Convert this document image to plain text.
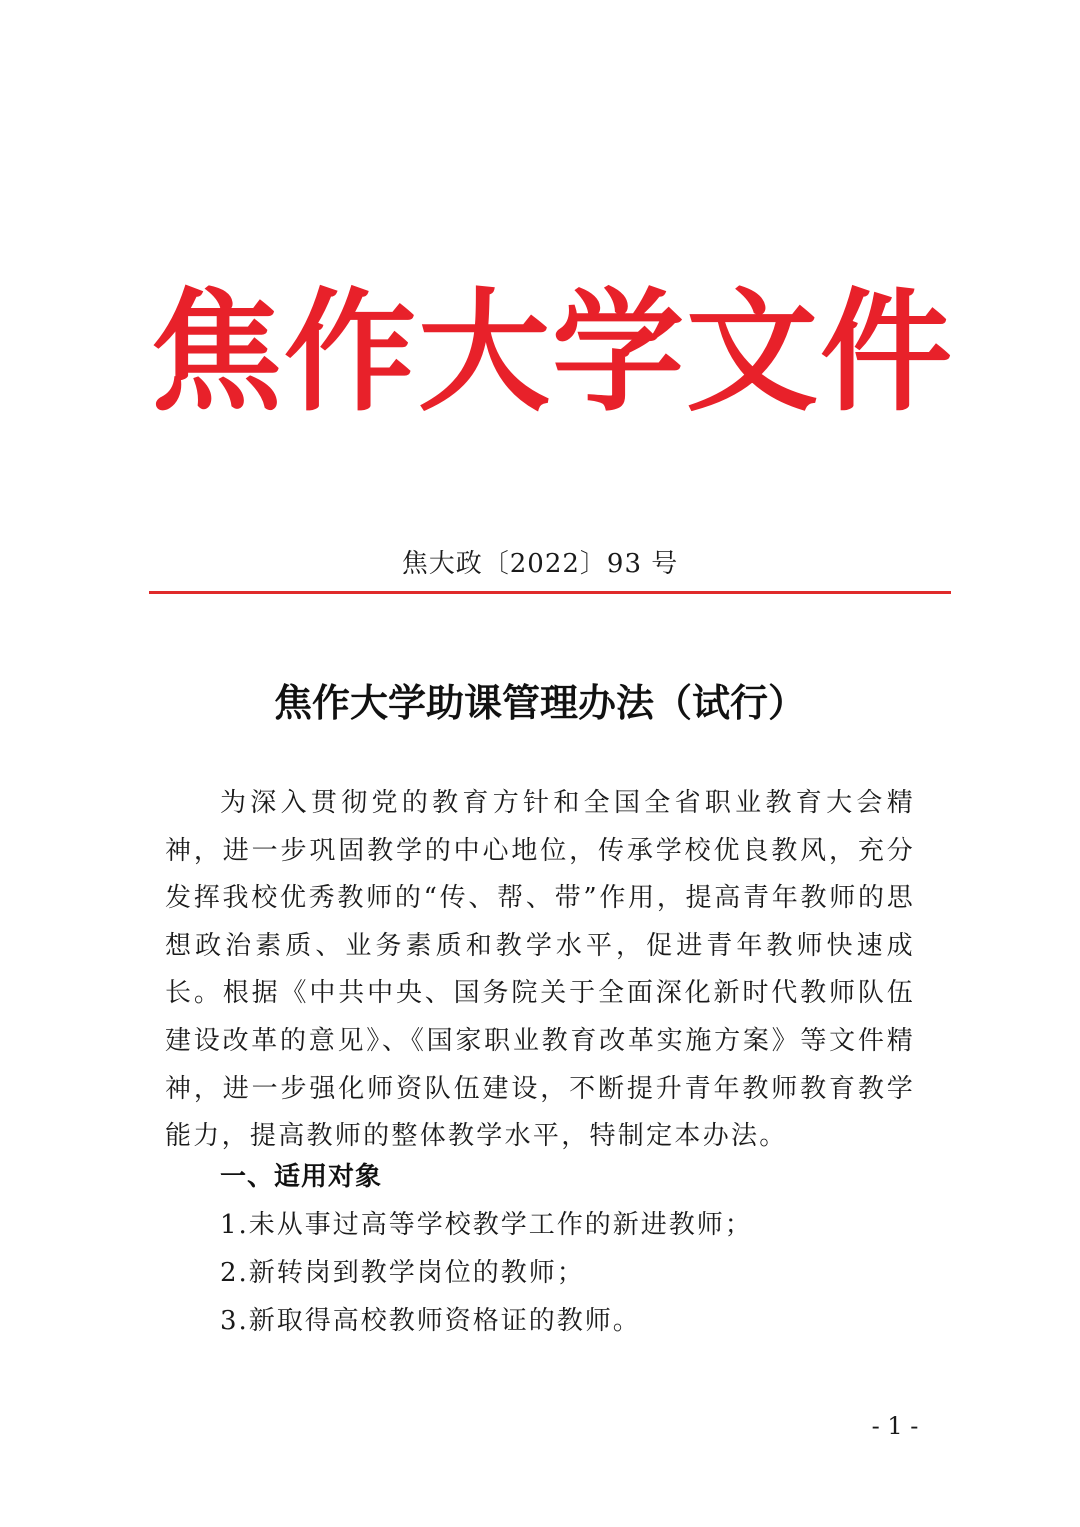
焦 作 大 学 文 件
焦大政〔2022〕93 号
焦作大学助课管理办法（试行）

为深入贯彻党的教育方针和全国全省职业教育大会精神，进一步巩固教学的中心地位，传承学校优良教风，充分发挥我校优秀教师的“传、帮、带”作用，提高青年教师的思想政治素质、业务素质和教学水平，促进青年教师快速成长。根据《中共中央、国务院关于全面深化新时代教师队伍建设改革的意见》、《国家职业教育改革实施方案》等文件精神，进一步强化师资队伍建设，不断提升青年教师教育教学能力，提高教师的整体教学水平，特制定本办法。

一、适用对象
1.未从事过高等学校教学工作的新进教师；
2.新转岗到教学岗位的教师；
3.新取得高校教师资格证的教师。
- 1 -
